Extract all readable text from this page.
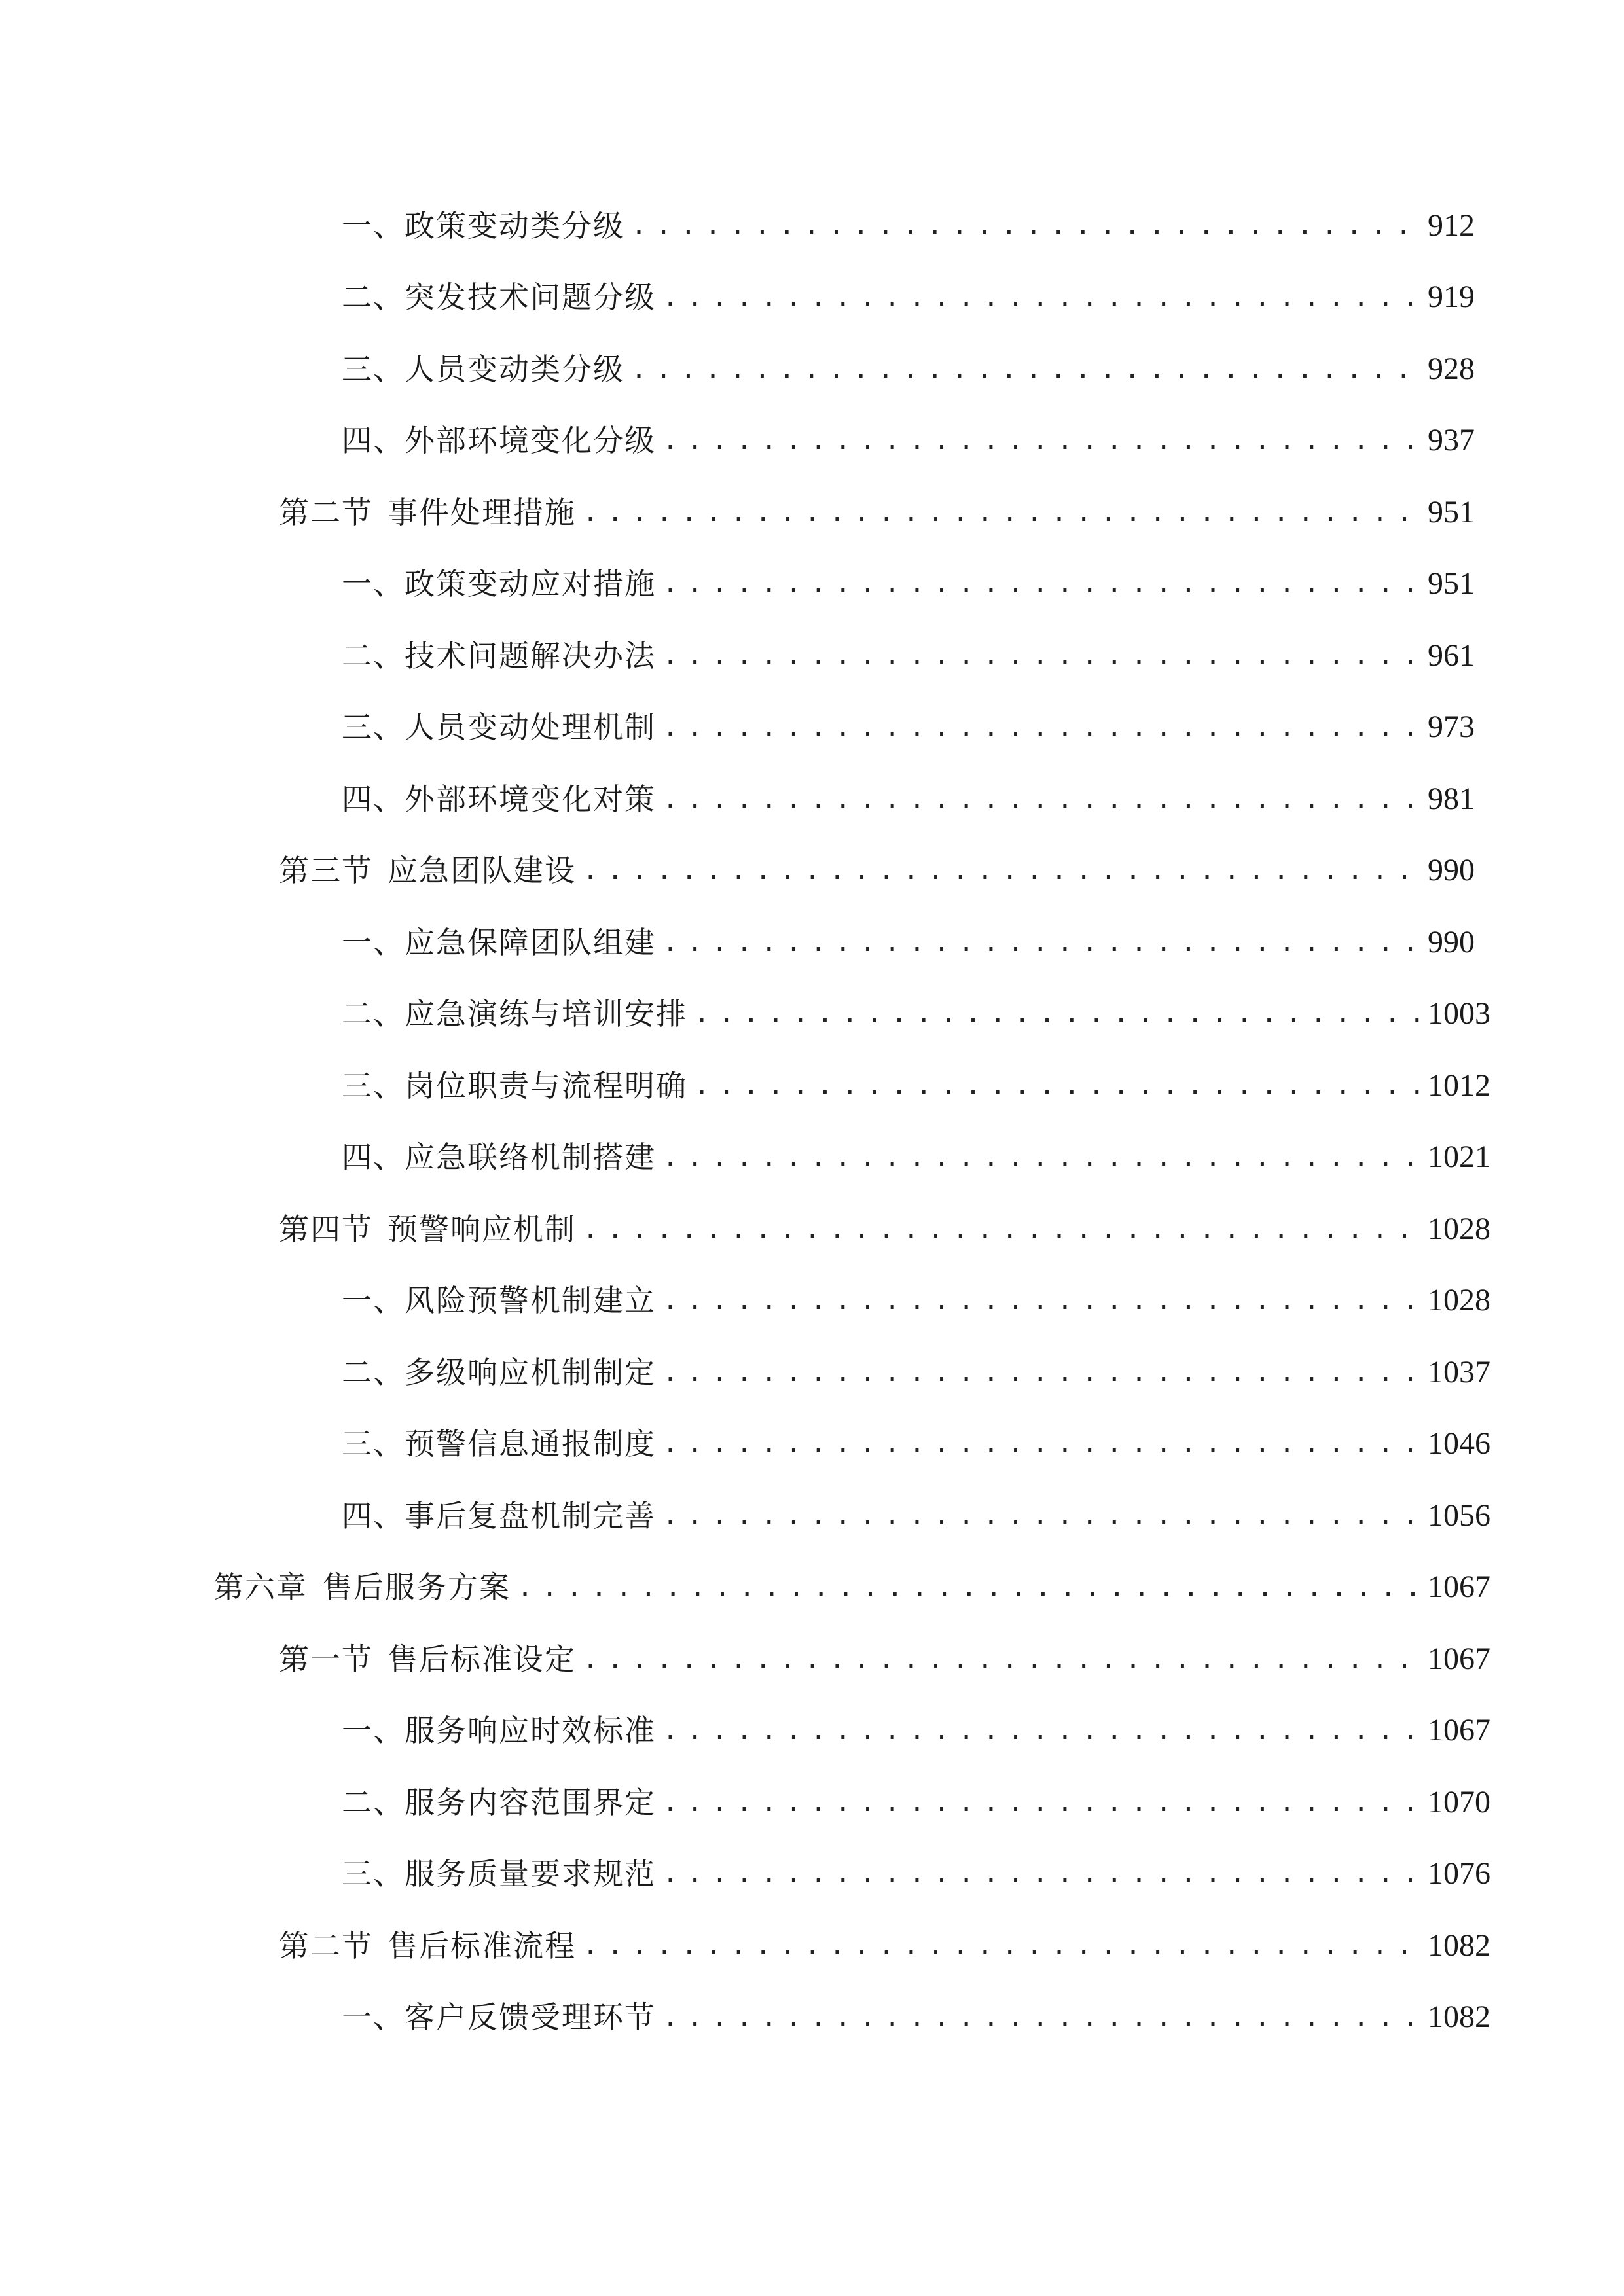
一、 政策变动类分级 .....	912
二、 突发技术问题分级 .....	919
三、 人员变动类分级 .....	928
四、 外部环境变化分级 .....	937
第二节 事件处理措施 .....	951
一、 政策变动应对措施 .....	951
二、 技术问题解决办法 .....	961
三、 人员变动处理机制 .....	973
四、 外部环境变化对策 .....	981
第三节 应急团队建设 .....	990
一、 应急保障团队组建 .....	990
二、 应急演练与培训安排 .....	1003
三、 岗位职责与流程明确 .....	1012
四、 应急联络机制搭建 .....	1021
第四节 预警响应机制 .....	1028
一、 风险预警机制建立 .....	1028
二、 多级响应机制制定 .....	1037
三、 预警信息通报制度 .....	1046
四、 事后复盘机制完善 .....	1056
第六章 售后服务方案 .....	1067
第一节 售后标准设定 .....	1067
一、 服务响应时效标准 .....	1067
二、 服务内容范围界定 .....	1070
三、 服务质量要求规范 .....	1076
第二节 售后标准流程 .....	1082
一、 客户反馈受理环节 .....	1082
